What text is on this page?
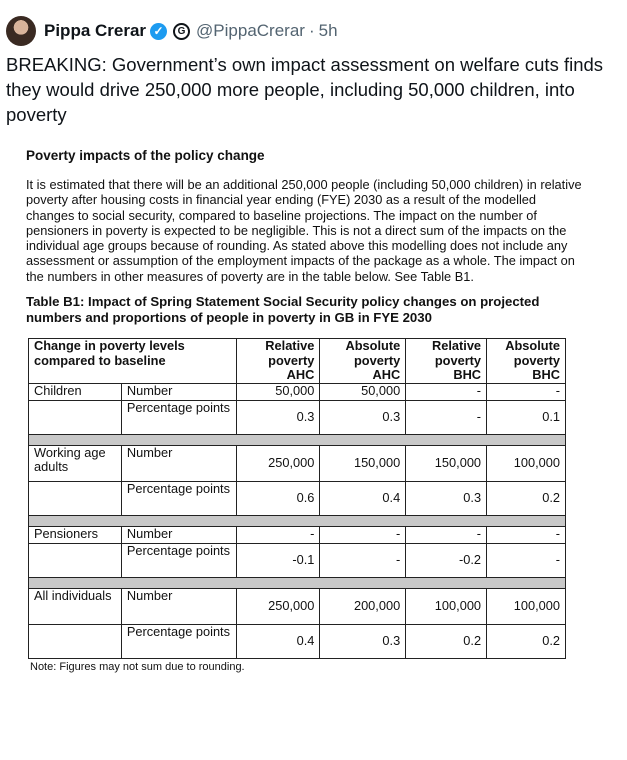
Pippa Crerar ✓	G @PippaCrerar · 5h
BREAKING: Government’s own impact assessment on welfare cuts finds they would drive 250,000 more people, including 50,000 children, into poverty

Poverty impacts of the policy change

It is estimated that there will be an additional 250,000 people (including 50,000 children) in relative poverty after housing costs in financial year ending (FYE) 2030 as a result of the modelled changes to social security, compared to baseline projections. The impact on the number of pensioners in poverty is expected to be negligible. This is not a direct sum of the impacts on the individual age groups because of rounding. As stated above this modelling does not include any assessment or assumption of the employment impacts of the package as a whole. The impact on the numbers in other measures of poverty are in the table below. See Table B1.

Table B1: Impact of Spring Statement Social Security policy changes on projected numbers and proportions of people in poverty in GB in FYE 2030

Change in poverty levels compared to baseline		Relative poverty AHC	Absolute poverty AHC	Relative poverty BHC	Absolute poverty BHC
Children	Number	50,000	50,000	-	-
	Percentage points	0.3	0.3	-	0.1

Working age adults	Number	250,000	150,000	150,000	100,000
	Percentage points	0.6	0.4	0.3	0.2

Pensioners	Number	-	-	-	-
	Percentage points	-0.1	-	-0.2	-

All individuals	Number	250,000	200,000	100,000	100,000
	Percentage points	0.4	0.3	0.2	0.2
Note: Figures may not sum due to rounding.
